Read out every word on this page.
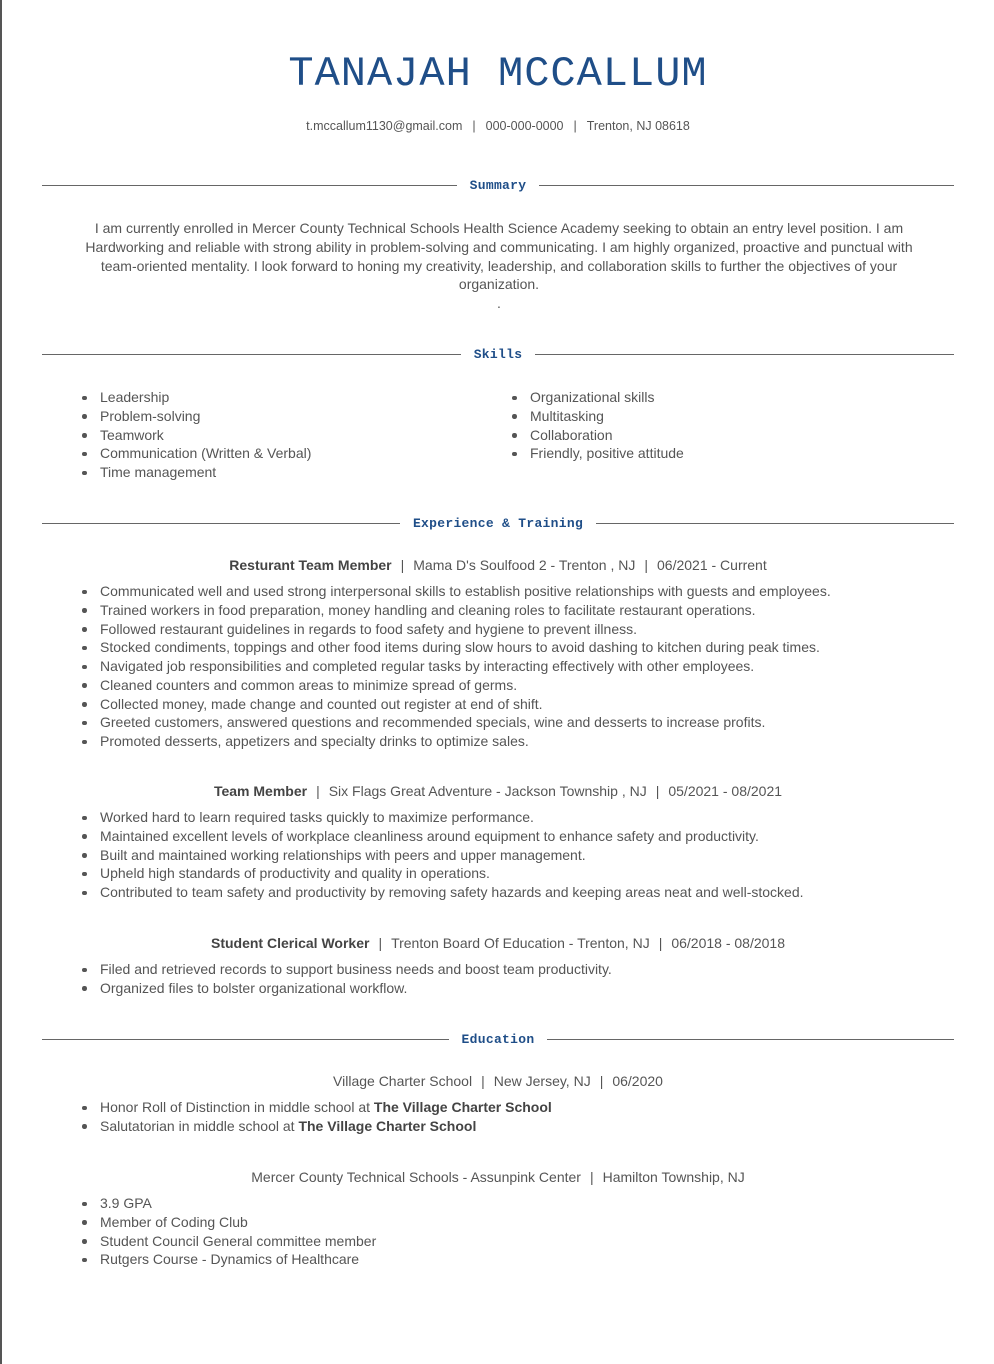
TANAJAH MCCALLUM
t.mccallum1130@gmail.com | 000-000-0000 | Trenton, NJ 08618
Summary
I am currently enrolled in Mercer County Technical Schools Health Science Academy seeking to obtain an entry level position. I am Hardworking and reliable with strong ability in problem-solving and communicating. I am highly organized, proactive and punctual with team-oriented mentality. I look forward to honing my creativity, leadership, and collaboration skills to further the objectives of your organization.
.
Skills
Leadership
Problem-solving
Teamwork
Communication (Written & Verbal)
Time management
Organizational skills
Multitasking
Collaboration
Friendly, positive attitude
Experience & Training
Resturant Team Member | Mama D's Soulfood 2 - Trenton , NJ | 06/2021 - Current
Communicated well and used strong interpersonal skills to establish positive relationships with guests and employees.
Trained workers in food preparation, money handling and cleaning roles to facilitate restaurant operations.
Followed restaurant guidelines in regards to food safety and hygiene to prevent illness.
Stocked condiments, toppings and other food items during slow hours to avoid dashing to kitchen during peak times.
Navigated job responsibilities and completed regular tasks by interacting effectively with other employees.
Cleaned counters and common areas to minimize spread of germs.
Collected money, made change and counted out register at end of shift.
Greeted customers, answered questions and recommended specials, wine and desserts to increase profits.
Promoted desserts, appetizers and specialty drinks to optimize sales.
Team Member | Six Flags Great Adventure - Jackson Township , NJ | 05/2021 - 08/2021
Worked hard to learn required tasks quickly to maximize performance.
Maintained excellent levels of workplace cleanliness around equipment to enhance safety and productivity.
Built and maintained working relationships with peers and upper management.
Upheld high standards of productivity and quality in operations.
Contributed to team safety and productivity by removing safety hazards and keeping areas neat and well-stocked.
Student Clerical Worker | Trenton Board Of Education - Trenton, NJ | 06/2018 - 08/2018
Filed and retrieved records to support business needs and boost team productivity.
Organized files to bolster organizational workflow.
Education
Village Charter School | New Jersey, NJ | 06/2020
Honor Roll of Distinction in middle school at The Village Charter School
Salutatorian in middle school at The Village Charter School
Mercer County Technical Schools - Assunpink Center | Hamilton Township, NJ
3.9 GPA
Member of Coding Club
Student Council General committee member
Rutgers Course - Dynamics of Healthcare
